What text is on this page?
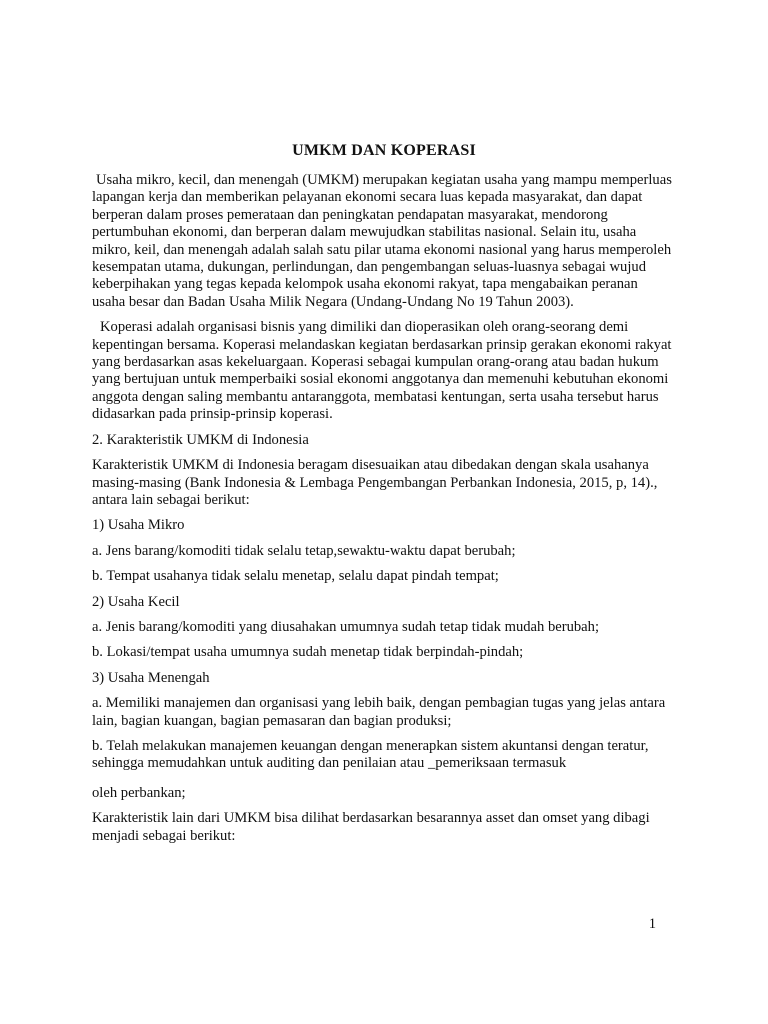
UMKM DAN KOPERASI

Usaha mikro, kecil, dan menengah (UMKM) merupakan kegiatan usaha yang mampu memperluas lapangan kerja dan memberikan pelayanan ekonomi secara luas kepada masyarakat, dan dapat berperan dalam proses pemerataan dan peningkatan pendapatan masyarakat, mendorong pertumbuhan ekonomi, dan berperan dalam mewujudkan stabilitas nasional. Selain itu, usaha mikro, keil, dan menengah adalah salah satu pilar utama ekonomi nasional yang harus memperoleh kesempatan utama, dukungan, perlindungan, dan pengembangan seluas-luasnya sebagai wujud keberpihakan yang tegas kepada kelompok usaha ekonomi rakyat, tapa mengabaikan peranan usaha besar dan Badan Usaha Milik Negara (Undang-Undang No 19 Tahun 2003).

Koperasi adalah organisasi bisnis yang dimiliki dan dioperasikan oleh orang-seorang demi kepentingan bersama. Koperasi melandaskan kegiatan berdasarkan prinsip gerakan ekonomi rakyat yang berdasarkan asas kekeluargaan. Koperasi sebagai kumpulan orang-orang atau badan hukum yang bertujuan untuk memperbaiki sosial ekonomi anggotanya dan memenuhi kebutuhan ekonomi anggota dengan saling membantu antaranggota, membatasi kentungan, serta usaha tersebut harus didasarkan pada prinsip-prinsip koperasi.

2. Karakteristik UMKM di Indonesia

Karakteristik UMKM di Indonesia beragam disesuaikan atau dibedakan dengan skala usahanya masing-masing (Bank Indonesia & Lembaga Pengembangan Perbankan Indonesia, 2015, p, 14)., antara lain sebagai berikut:

1) Usaha Mikro

a. Jens barang/komoditi tidak selalu tetap,sewaktu-waktu dapat berubah;

b. Tempat usahanya tidak selalu menetap, selalu dapat pindah tempat;

2) Usaha Kecil

a. Jenis barang/komoditi yang diusahakan umumnya sudah tetap tidak mudah berubah;

b. Lokasi/tempat usaha umumnya sudah menetap tidak berpindah-pindah;

3) Usaha Menengah

a. Memiliki manajemen dan organisasi yang lebih baik, dengan pembagian tugas yang jelas antara lain, bagian kuangan, bagian pemasaran dan bagian produksi;

b. Telah melakukan manajemen keuangan dengan menerapkan sistem akuntansi dengan teratur, sehingga memudahkan untuk auditing dan penilaian atau _pemeriksaan termasuk

oleh perbankan;

Karakteristik lain dari UMKM bisa dilihat berdasarkan besarannya asset dan omset yang dibagi menjadi sebagai berikut:

1
